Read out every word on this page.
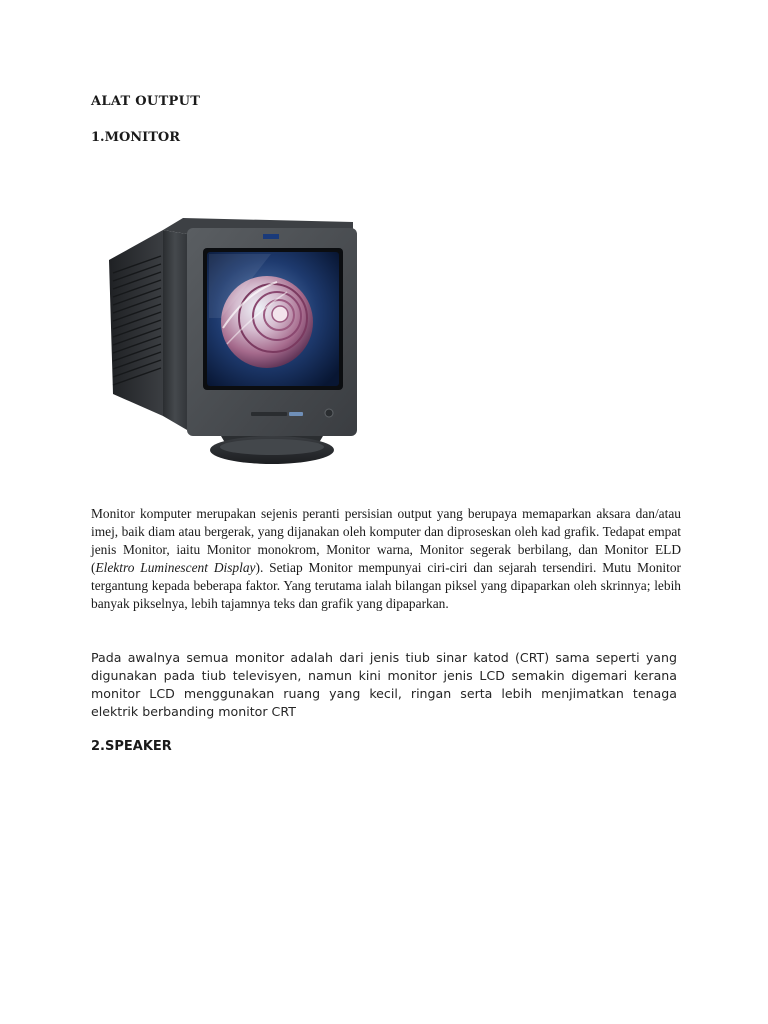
ALAT OUTPUT
1.MONITOR

Monitor komputer merupakan sejenis peranti persisian output yang berupaya memaparkan aksara dan/atau imej, baik diam atau bergerak, yang dijanakan oleh komputer dan diproseskan oleh kad grafik. Tedapat empat jenis Monitor, iaitu Monitor monokrom, Monitor warna, Monitor segerak berbilang, dan Monitor ELD (Elektro Luminescent Display). Setiap Monitor mempunyai ciri-ciri dan sejarah tersendiri. Mutu Monitor tergantung kepada beberapa faktor. Yang terutama ialah bilangan piksel yang dipaparkan oleh skrinnya; lebih banyak pikselnya, lebih tajamnya teks dan grafik yang dipaparkan.

Pada awalnya semua monitor adalah dari jenis tiub sinar katod (CRT) sama seperti yang digunakan pada tiub televisyen, namun kini monitor jenis LCD semakin digemari kerana monitor LCD menggunakan ruang yang kecil, ringan serta lebih menjimatkan tenaga elektrik berbanding monitor CRT

2.SPEAKER
